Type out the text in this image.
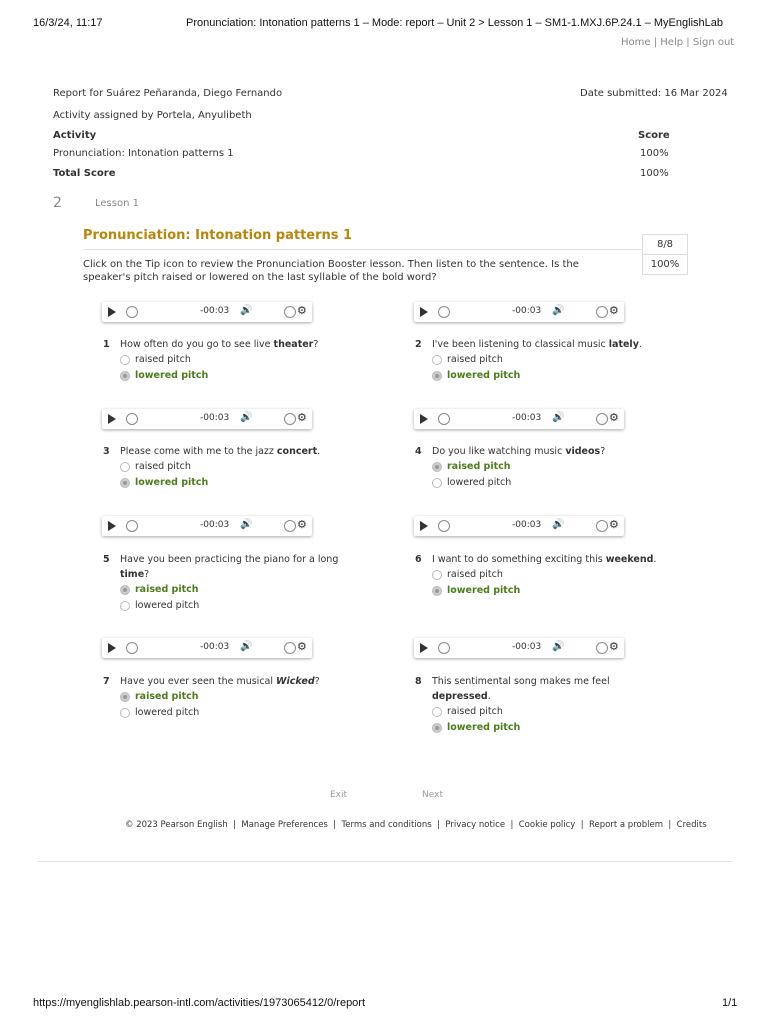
16/3/24, 11:17	Pronunciation: Intonation patterns 1 – Mode: report – Unit 2 > Lesson 1 – SM1-1.MXJ.6P.24.1 – MyEnglishLab
Home | Help | Sign out
Report for Suárez Peñaranda, Diego Fernando	Date submitted: 16 Mar 2024
Activity assigned by Portela, Anyulibeth
Activity	Score
Pronunciation: Intonation patterns 1	100%
Total Score	100%
2	Lesson 1
Pronunciation: Intonation patterns 1
8/8
100%
Click on the Tip icon to review the Pronunciation Booster lesson. Then listen to the sentence. Is the speaker's pitch raised or lowered on the last syllable of the bold word?
-00:03 🔊	⚙
1 How often do you go to see live theater?
raised pitch
lowered pitch
-00:03 🔊	⚙
2 I've been listening to classical music lately.
raised pitch
lowered pitch
-00:03 🔊	⚙
3 Please come with me to the jazz concert.
raised pitch
lowered pitch
-00:03 🔊	⚙
4 Do you like watching music videos?
raised pitch
lowered pitch
-00:03 🔊	⚙
5 Have you been practicing the piano for a long time?
raised pitch
lowered pitch
-00:03 🔊	⚙
6 I want to do something exciting this weekend.
raised pitch
lowered pitch
-00:03 🔊	⚙
7 Have you ever seen the musical Wicked?
raised pitch
lowered pitch
-00:03 🔊	⚙
8 This sentimental song makes me feel depressed.
raised pitch
lowered pitch
Exit	Next
© 2023 Pearson English | Manage Preferences | Terms and conditions | Privacy notice | Cookie policy | Report a problem | Credits
https://myenglishlab.pearson-intl.com/activities/1973065412/0/report	1/1
